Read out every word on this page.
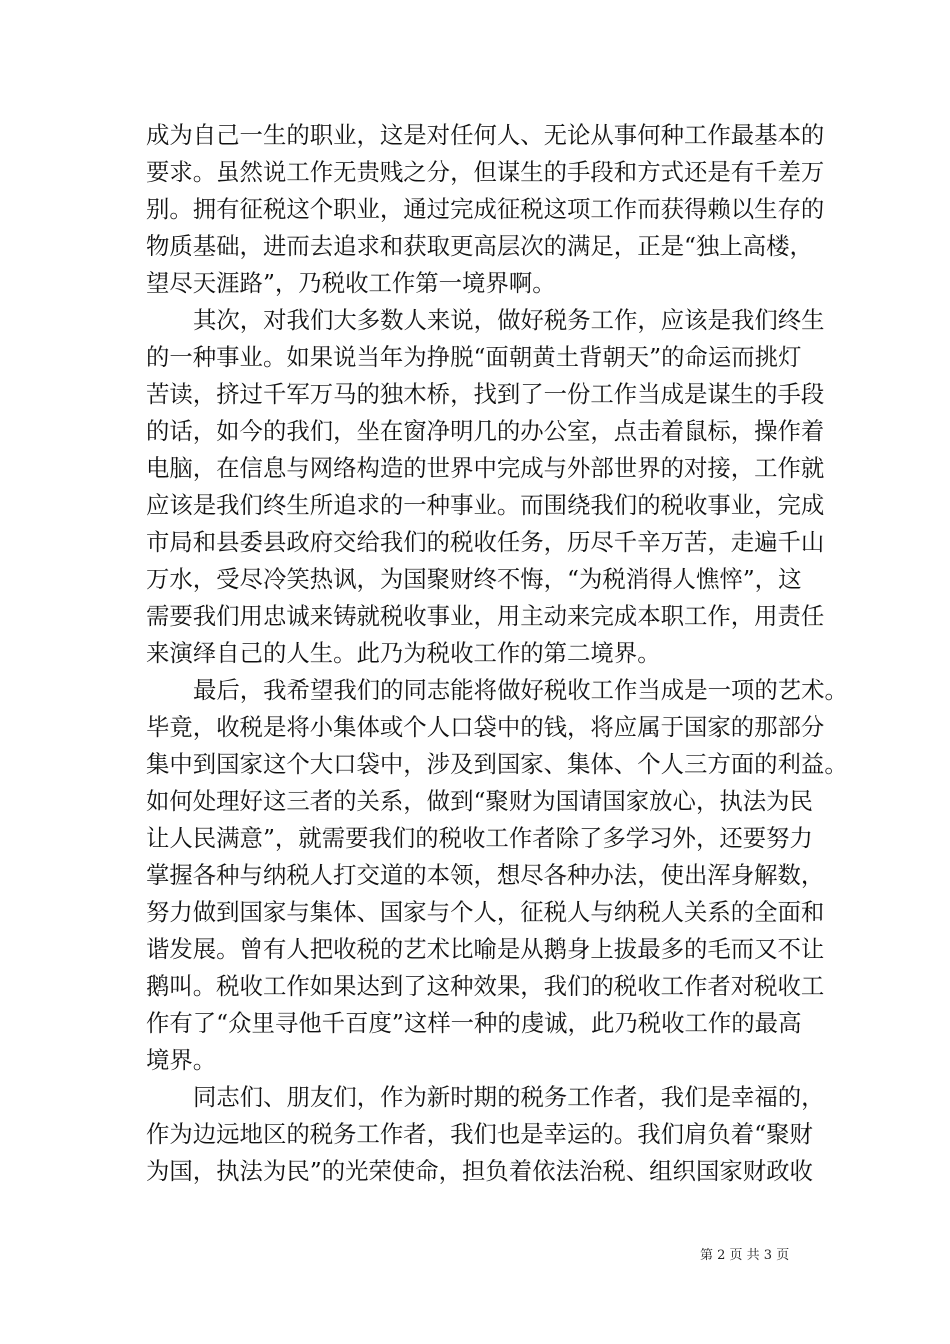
成为自己一生的职业，这是对任何人、无论从事何种工作最基本的
要求。虽然说工作无贵贱之分，但谋生的手段和方式还是有千差万
别。拥有征税这个职业，通过完成征税这项工作而获得赖以生存的
物质基础，进而去追求和获取更高层次的满足，正是“独上高楼，
望尽天涯路”，乃税收工作第一境界啊。
其次，对我们大多数人来说，做好税务工作，应该是我们终生
的一种事业。如果说当年为挣脱“面朝黄土背朝天”的命运而挑灯
苦读，挤过千军万马的独木桥，找到了一份工作当成是谋生的手段
的话，如今的我们，坐在窗净明几的办公室，点击着鼠标，操作着
电脑，在信息与网络构造的世界中完成与外部世界的对接，工作就
应该是我们终生所追求的一种事业。而围绕我们的税收事业，完成
市局和县委县政府交给我们的税收任务，历尽千辛万苦，走遍千山
万水，受尽冷笑热讽，为国聚财终不悔，“为税消得人憔悴”，这
需要我们用忠诚来铸就税收事业，用主动来完成本职工作，用责任
来演绎自己的人生。此乃为税收工作的第二境界。
最后，我希望我们的同志能将做好税收工作当成是一项的艺术。
毕竟，收税是将小集体或个人口袋中的钱，将应属于国家的那部分
集中到国家这个大口袋中，涉及到国家、集体、个人三方面的利益。
如何处理好这三者的关系，做到“聚财为国请国家放心，执法为民
让人民满意”，就需要我们的税收工作者除了多学习外，还要努力
掌握各种与纳税人打交道的本领，想尽各种办法，使出浑身解数，
努力做到国家与集体、国家与个人，征税人与纳税人关系的全面和
谐发展。曾有人把收税的艺术比喻是从鹅身上拔最多的毛而又不让
鹅叫。税收工作如果达到了这种效果，我们的税收工作者对税收工
作有了“众里寻他千百度”这样一种的虔诚，此乃税收工作的最高
境界。
同志们、朋友们，作为新时期的税务工作者，我们是幸福的，
作为边远地区的税务工作者，我们也是幸运的。我们肩负着“聚财
为国，执法为民”的光荣使命，担负着依法治税、组织国家财政收
第 2 页 共 3 页
